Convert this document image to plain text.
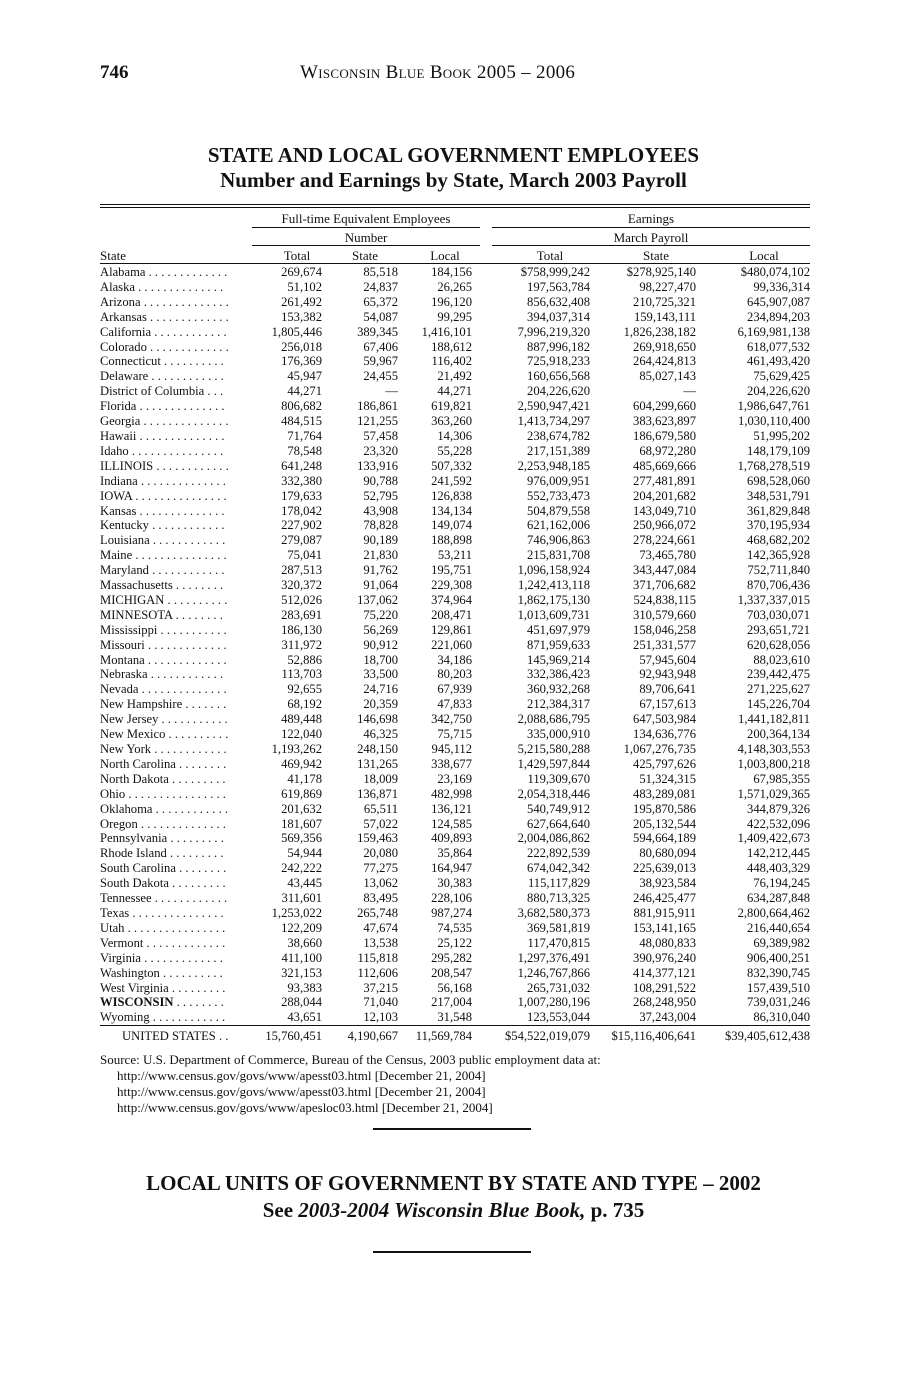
746	Wisconsin Blue Book 2005 – 2006
STATE AND LOCAL GOVERNMENT EMPLOYEES
Number and Earnings by State, March 2003 Payroll
Full-time Equivalent Employees	Earnings
Number	March Payroll
State	Total	State	Local	Total	State	Local
Alabama . . . . . . . . . . . . .	269,674	85,518	184,156	$758,999,242	$278,925,140	$480,074,102
Alaska . . . . . . . . . . . . . .	51,102	24,837	26,265	197,563,784	98,227,470	99,336,314
Arizona . . . . . . . . . . . . . .	261,492	65,372	196,120	856,632,408	210,725,321	645,907,087
Arkansas . . . . . . . . . . . . .	153,382	54,087	99,295	394,037,314	159,143,111	234,894,203
California . . . . . . . . . . . .	1,805,446	389,345	1,416,101	7,996,219,320	1,826,238,182	6,169,981,138
Colorado . . . . . . . . . . . . .	256,018	67,406	188,612	887,996,182	269,918,650	618,077,532
Connecticut . . . . . . . . . .	176,369	59,967	116,402	725,918,233	264,424,813	461,493,420
Delaware . . . . . . . . . . . .	45,947	24,455	21,492	160,656,568	85,027,143	75,629,425
District of Columbia . . .	44,271	—	44,271	204,226,620	—	204,226,620
Florida . . . . . . . . . . . . . .	806,682	186,861	619,821	2,590,947,421	604,299,660	1,986,647,761
Georgia . . . . . . . . . . . . . .	484,515	121,255	363,260	1,413,734,297	383,623,897	1,030,110,400
Hawaii . . . . . . . . . . . . . .	71,764	57,458	14,306	238,674,782	186,679,580	51,995,202
Idaho . . . . . . . . . . . . . . .	78,548	23,320	55,228	217,151,389	68,972,280	148,179,109
ILLINOIS . . . . . . . . . . . .	641,248	133,916	507,332	2,253,948,185	485,669,666	1,768,278,519
Indiana . . . . . . . . . . . . . .	332,380	90,788	241,592	976,009,951	277,481,891	698,528,060
IOWA . . . . . . . . . . . . . . .	179,633	52,795	126,838	552,733,473	204,201,682	348,531,791
Kansas . . . . . . . . . . . . . .	178,042	43,908	134,134	504,879,558	143,049,710	361,829,848
Kentucky . . . . . . . . . . . .	227,902	78,828	149,074	621,162,006	250,966,072	370,195,934
Louisiana . . . . . . . . . . . .	279,087	90,189	188,898	746,906,863	278,224,661	468,682,202
Maine . . . . . . . . . . . . . . .	75,041	21,830	53,211	215,831,708	73,465,780	142,365,928
Maryland . . . . . . . . . . . .	287,513	91,762	195,751	1,096,158,924	343,447,084	752,711,840
Massachusetts . . . . . . . .	320,372	91,064	229,308	1,242,413,118	371,706,682	870,706,436
MICHIGAN . . . . . . . . . .	512,026	137,062	374,964	1,862,175,130	524,838,115	1,337,337,015
MINNESOTA . . . . . . . .	283,691	75,220	208,471	1,013,609,731	310,579,660	703,030,071
Mississippi . . . . . . . . . . .	186,130	56,269	129,861	451,697,979	158,046,258	293,651,721
Missouri . . . . . . . . . . . . .	311,972	90,912	221,060	871,959,633	251,331,577	620,628,056
Montana . . . . . . . . . . . . .	52,886	18,700	34,186	145,969,214	57,945,604	88,023,610
Nebraska . . . . . . . . . . . .	113,703	33,500	80,203	332,386,423	92,943,948	239,442,475
Nevada . . . . . . . . . . . . . .	92,655	24,716	67,939	360,932,268	89,706,641	271,225,627
New Hampshire . . . . . . .	68,192	20,359	47,833	212,384,317	67,157,613	145,226,704
New Jersey . . . . . . . . . . .	489,448	146,698	342,750	2,088,686,795	647,503,984	1,441,182,811
New Mexico . . . . . . . . . .	122,040	46,325	75,715	335,000,910	134,636,776	200,364,134
New York . . . . . . . . . . . .	1,193,262	248,150	945,112	5,215,580,288	1,067,276,735	4,148,303,553
North Carolina . . . . . . . .	469,942	131,265	338,677	1,429,597,844	425,797,626	1,003,800,218
North Dakota . . . . . . . . .	41,178	18,009	23,169	119,309,670	51,324,315	67,985,355
Ohio . . . . . . . . . . . . . . . .	619,869	136,871	482,998	2,054,318,446	483,289,081	1,571,029,365
Oklahoma . . . . . . . . . . . .	201,632	65,511	136,121	540,749,912	195,870,586	344,879,326
Oregon . . . . . . . . . . . . . .	181,607	57,022	124,585	627,664,640	205,132,544	422,532,096
Pennsylvania . . . . . . . . .	569,356	159,463	409,893	2,004,086,862	594,664,189	1,409,422,673
Rhode Island . . . . . . . . .	54,944	20,080	35,864	222,892,539	80,680,094	142,212,445
South Carolina . . . . . . . .	242,222	77,275	164,947	674,042,342	225,639,013	448,403,329
South Dakota . . . . . . . . .	43,445	13,062	30,383	115,117,829	38,923,584	76,194,245
Tennessee . . . . . . . . . . . .	311,601	83,495	228,106	880,713,325	246,425,477	634,287,848
Texas . . . . . . . . . . . . . . .	1,253,022	265,748	987,274	3,682,580,373	881,915,911	2,800,664,462
Utah . . . . . . . . . . . . . . . .	122,209	47,674	74,535	369,581,819	153,141,165	216,440,654
Vermont . . . . . . . . . . . . .	38,660	13,538	25,122	117,470,815	48,080,833	69,389,982
Virginia . . . . . . . . . . . . .	411,100	115,818	295,282	1,297,376,491	390,976,240	906,400,251
Washington . . . . . . . . . .	321,153	112,606	208,547	1,246,767,866	414,377,121	832,390,745
West Virginia . . . . . . . . .	93,383	37,215	56,168	265,731,032	108,291,522	157,439,510
WISCONSIN . . . . . . . .	288,044	71,040	217,004	1,007,280,196	268,248,950	739,031,246
Wyoming . . . . . . . . . . . .	43,651	12,103	31,548	123,553,044	37,243,004	86,310,040

UNITED STATES . .	15,760,451	4,190,667	11,569,784	$54,522,019,079	$15,116,406,641	$39,405,612,438
Source: U.S. Department of Commerce, Bureau of the Census, 2003 public employment data at:
http://www.census.gov/govs/www/apesst03.html [December 21, 2004]
http://www.census.gov/govs/www/apesst03.html [December 21, 2004]
http://www.census.gov/govs/www/apesloc03.html [December 21, 2004]
LOCAL UNITS OF GOVERNMENT BY STATE AND TYPE – 2002
See 2003-2004 Wisconsin Blue Book, p. 735
